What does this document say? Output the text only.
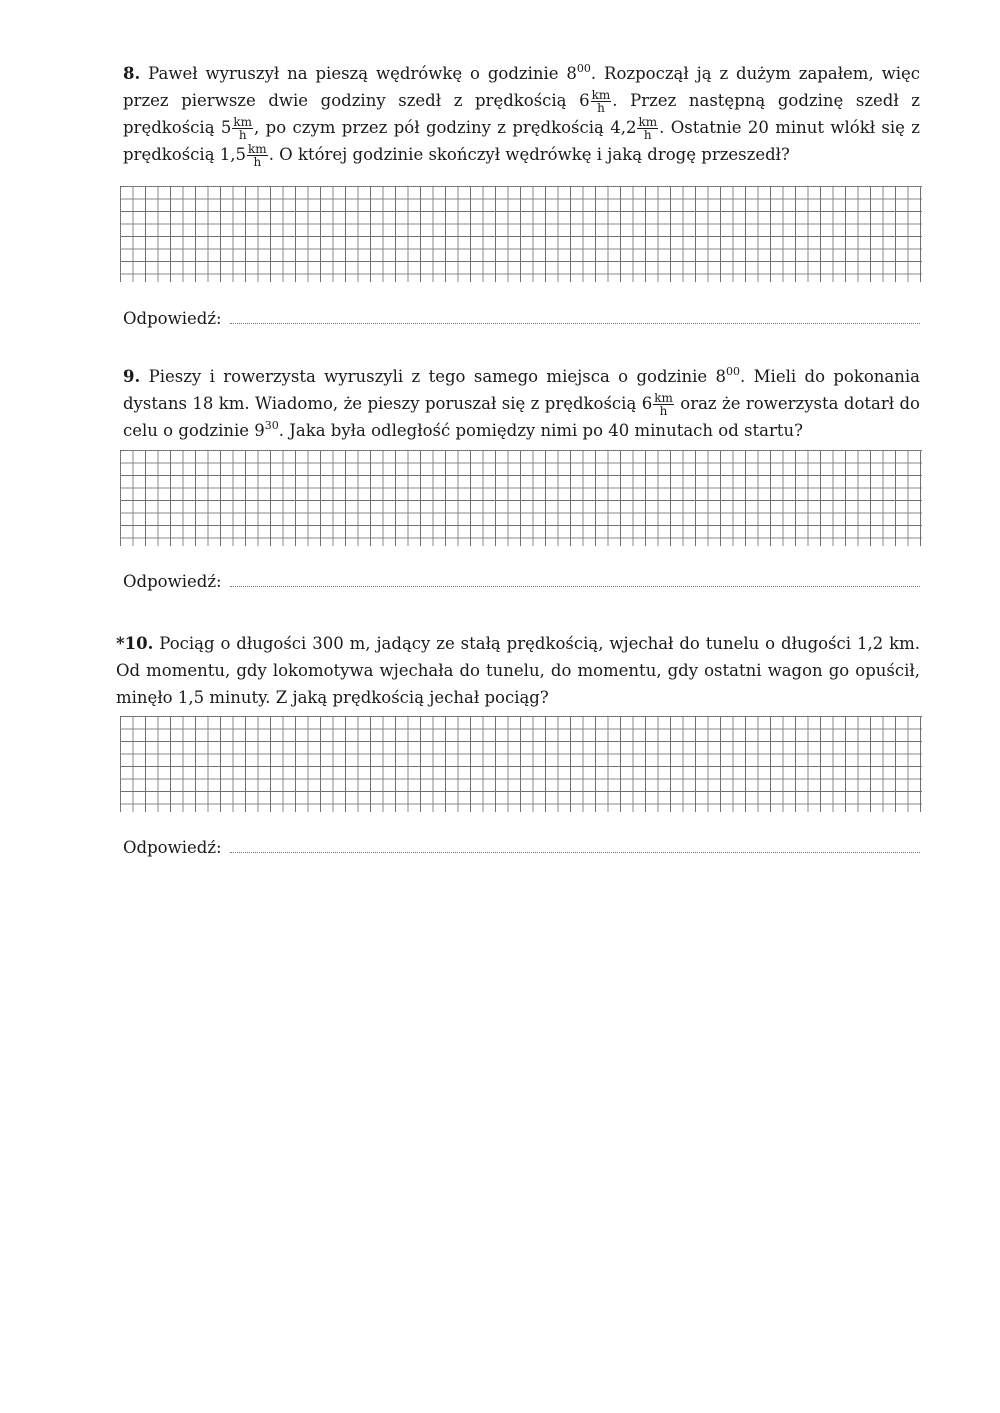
8. Paweł wyruszył na pieszą wędrówkę o godzinie $8^{00}$. Rozpoczął ją z dużym zapałem, więc przez pierwsze dwie godziny szedł z prędkością $6 \frac{km}{h}$ . Przez następną godzinę szedł z prędkością $5 \frac{km}{h}$ , po czym przez pół godziny z prędkością $4,2 \frac{km}{h}$ . Ostatnie 20 minut wlókł się z prędkością $1,5 \frac{km}{h}$ . O której godzinie skończył wędrówkę i jaką drogę przeszedł?
Odpowiedź:
9. Pieszy i rowerzysta wyruszyli z tego samego miejsca o godzinie $8^{00}$. Mieli do pokonania dystans 18 km. Wiadomo, że pieszy poruszał się z prędkością $6 \frac{km}{h}$ oraz że rowerzysta dotarł do celu o godzinie $9^{30}$. Jaka była odległość pomiędzy nimi po 40 minutach od startu?
Odpowiedź:
*10. Pociąg o długości 300 m, jadący ze stałą prędkością, wjechał do tunelu o długości 1,2 km. Od momentu, gdy lokomotywa wjechała do tunelu, do momentu, gdy ostatni wagon go opuścił, minęło 1,5 minuty. Z jaką prędkością jechał pociąg?
Odpowiedź:
